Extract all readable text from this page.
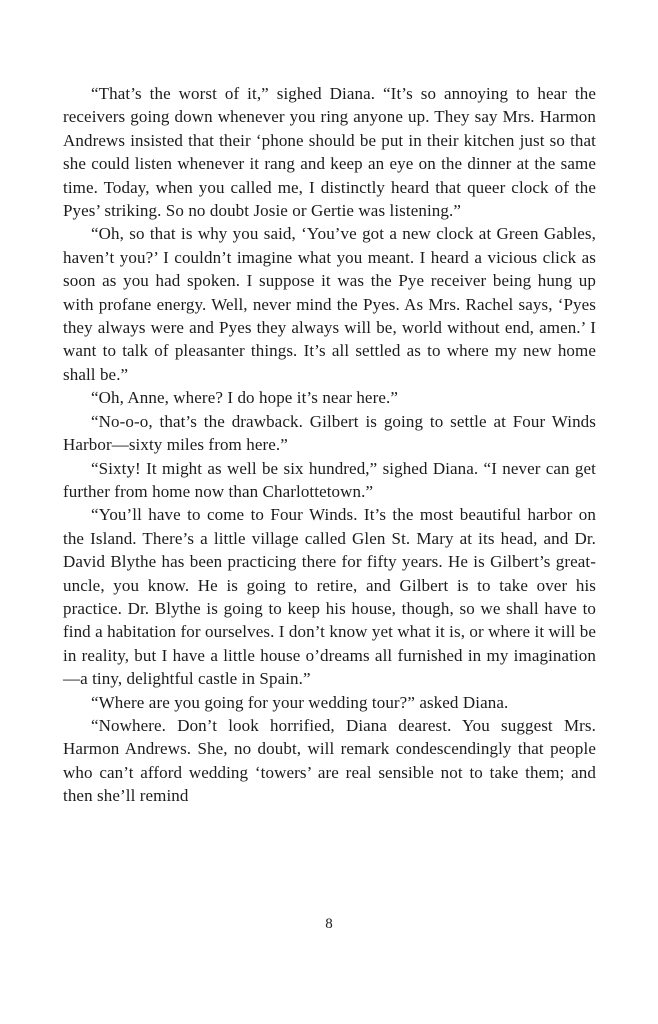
“That’s the worst of it,” sighed Diana. “It’s so annoying to hear the receivers going down whenever you ring anyone up. They say Mrs. Harmon Andrews insisted that their ‘phone should be put in their kitchen just so that she could listen whenever it rang and keep an eye on the dinner at the same time. Today, when you called me, I distinctly heard that queer clock of the Pyes’ striking. So no doubt Josie or Gertie was listening.”

“Oh, so that is why you said, ‘You’ve got a new clock at Green Gables, haven’t you?’ I couldn’t imagine what you meant. I heard a vicious click as soon as you had spoken. I suppose it was the Pye receiver being hung up with profane energy. Well, never mind the Pyes. As Mrs. Rachel says, ‘Pyes they always were and Pyes they always will be, world without end, amen.’ I want to talk of pleasanter things. It’s all settled as to where my new home shall be.”

“Oh, Anne, where? I do hope it’s near here.”

“No-o-o, that’s the drawback. Gilbert is going to settle at Four Winds Harbor—sixty miles from here.”

“Sixty! It might as well be six hundred,” sighed Diana. “I never can get further from home now than Charlottetown.”

“You’ll have to come to Four Winds. It’s the most beautiful harbor on the Island. There’s a little village called Glen St. Mary at its head, and Dr. David Blythe has been practicing there for fifty years. He is Gilbert’s great-uncle, you know. He is going to retire, and Gilbert is to take over his practice. Dr. Blythe is going to keep his house, though, so we shall have to find a habitation for ourselves. I don’t know yet what it is, or where it will be in reality, but I have a little house o’dreams all furnished in my imagination—a tiny, delightful castle in Spain.”

“Where are you going for your wedding tour?” asked Diana.

“Nowhere. Don’t look horrified, Diana dearest. You suggest Mrs. Harmon Andrews. She, no doubt, will remark condescendingly that people who can’t afford wedding ‘towers’ are real sensible not to take them; and then she’ll remind

8
